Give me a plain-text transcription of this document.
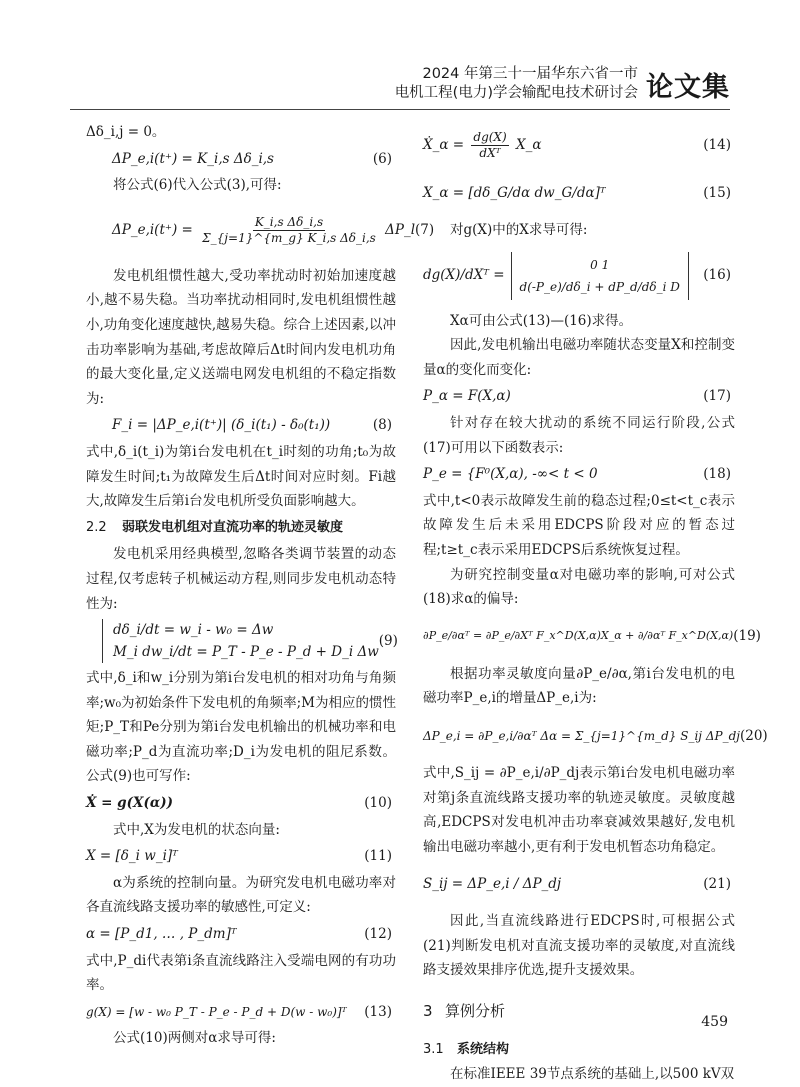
2024 年第三十一届华东六省一市
电机工程(电力)学会输配电技术研讨会 论文集

Δδ_i,j = 0。

ΔP_e,i(t⁺) = K_i,s Δδ_i,s	(6)

将公式(6)代入公式(3),可得:

ΔP_e,i(t⁺) = $\frac{\text{K\_i,s Δδ\_i,s}}{\text{Σ\_\{j=1\}\textasciicircum{}\{m\_g\} K\_i,s Δδ\_i,s}}$ ΔP_l (7)

发电机组惯性越大,受功率扰动时初始加速度越小,越不易失稳。当功率扰动相同时,发电机组惯性越小,功角变化速度越快,越易失稳。综合上述因素,以冲击功率影响为基础,考虑故障后Δt时间内发电机功角的最大变化量,定义送端电网发电机组的不稳定指数为:

F_i = |ΔP_e,i(t⁺)| (δ_i(t₁) - δ₀(t₁))	(8)

式中,δ_i(t_i)为第i台发电机在t_i时刻的功角;t₀为故障发生时间;t₁为故障发生后Δt时间对应时刻。Fi越大,故障发生后第i台发电机所受负面影响越大。

2.2 弱联发电机组对直流功率的轨迹灵敏度

发电机采用经典模型,忽略各类调节装置的动态过程,仅考虑转子机械运动方程,则同步发电机动态特性为:

dδ_i/dt = w_i - w₀ = Δw
M_i dw_i/dt = P_T - P_e - P_d + D_i Δw
(9)

式中,δ_i和w_i分别为第i台发电机的相对功角与角频率;w₀为初始条件下发电机的角频率;M为相应的惯性矩;P_T和Pe分别为第i台发电机输出的机械功率和电磁功率;P_d为直流功率;D_i为发电机的阻尼系数。公式(9)也可写作:

Ẋ = g(X(α))	(10)

式中,X为发电机的状态向量:

X = [δ_i w_i]ᵀ	(11)

α为系统的控制向量。为研究发电机电磁功率对各直流线路支援功率的敏感性,可定义:

α = [P_d1, … , P_dm]ᵀ	(12)

式中,P_di代表第i条直流线路注入受端电网的有功功率。

g(X) = [w - w₀ P_T - P_e - P_d + D(w - w₀)]ᵀ (13)

公式(10)两侧对α求导可得:

Ẋ_α = $\frac{dg(X)}{\text{dXᵀ}}$ X_α	(14)
X_α = [dδ_G/dα dw_G/dα]ᵀ	(15)

对g(X)中的X求导可得:

dg(X)/dXᵀ =
0 1
d(-P_e)/dδ_i + dP_d/dδ_i D
(16)

Xα可由公式(13)—(16)求得。

因此,发电机输出电磁功率随状态变量X和控制变量α的变化而变化:

P_α = F(X,α)	(17)

针对存在较大扰动的系统不同运行阶段,公式(17)可用以下函数表示:

P_e = {F⁰(X,α), -∞< t < 0	(18)

式中,t<0表示故障发生前的稳态过程;0≤t<t_c表示故障发生后未采用EDCPS阶段对应的暂态过程;t≥t_c表示采用EDCPS后系统恢复过程。

为研究控制变量α对电磁功率的影响,可对公式(18)求α的偏导:

∂P_e/∂αᵀ = ∂P_e/∂Xᵀ F_x^D(X,α)X_α + ∂/∂αᵀ F_x^D(X,α) (19)

根据功率灵敏度向量∂P_e/∂α,第i台发电机的电磁功率P_e,i的增量ΔP_e,i为:

ΔP_e,i = ∂P_e,i/∂αᵀ Δα = Σ_{j=1}^{m_d} S_ij ΔP_dj (20)

式中,S_ij = ∂P_e,i/∂P_dj表示第i台发电机电磁功率对第j条直流线路支援功率的轨迹灵敏度。灵敏度越高,EDCPS对发电机冲击功率衰减效果越好,发电机输出电磁功率越小,更有利于发电机暂态功角稳定。

S_ij = ΔP_e,i / ΔP_dj	(21)

因此,当直流线路进行EDCPS时,可根据公式(21)判断发电机对直流支援功率的灵敏度,对直流线路支援效果排序优选,提升支援效果。

3 算例分析
3.1 系统结构

在标准IEEE 39节点系统的基础上,以500 kV双

459
